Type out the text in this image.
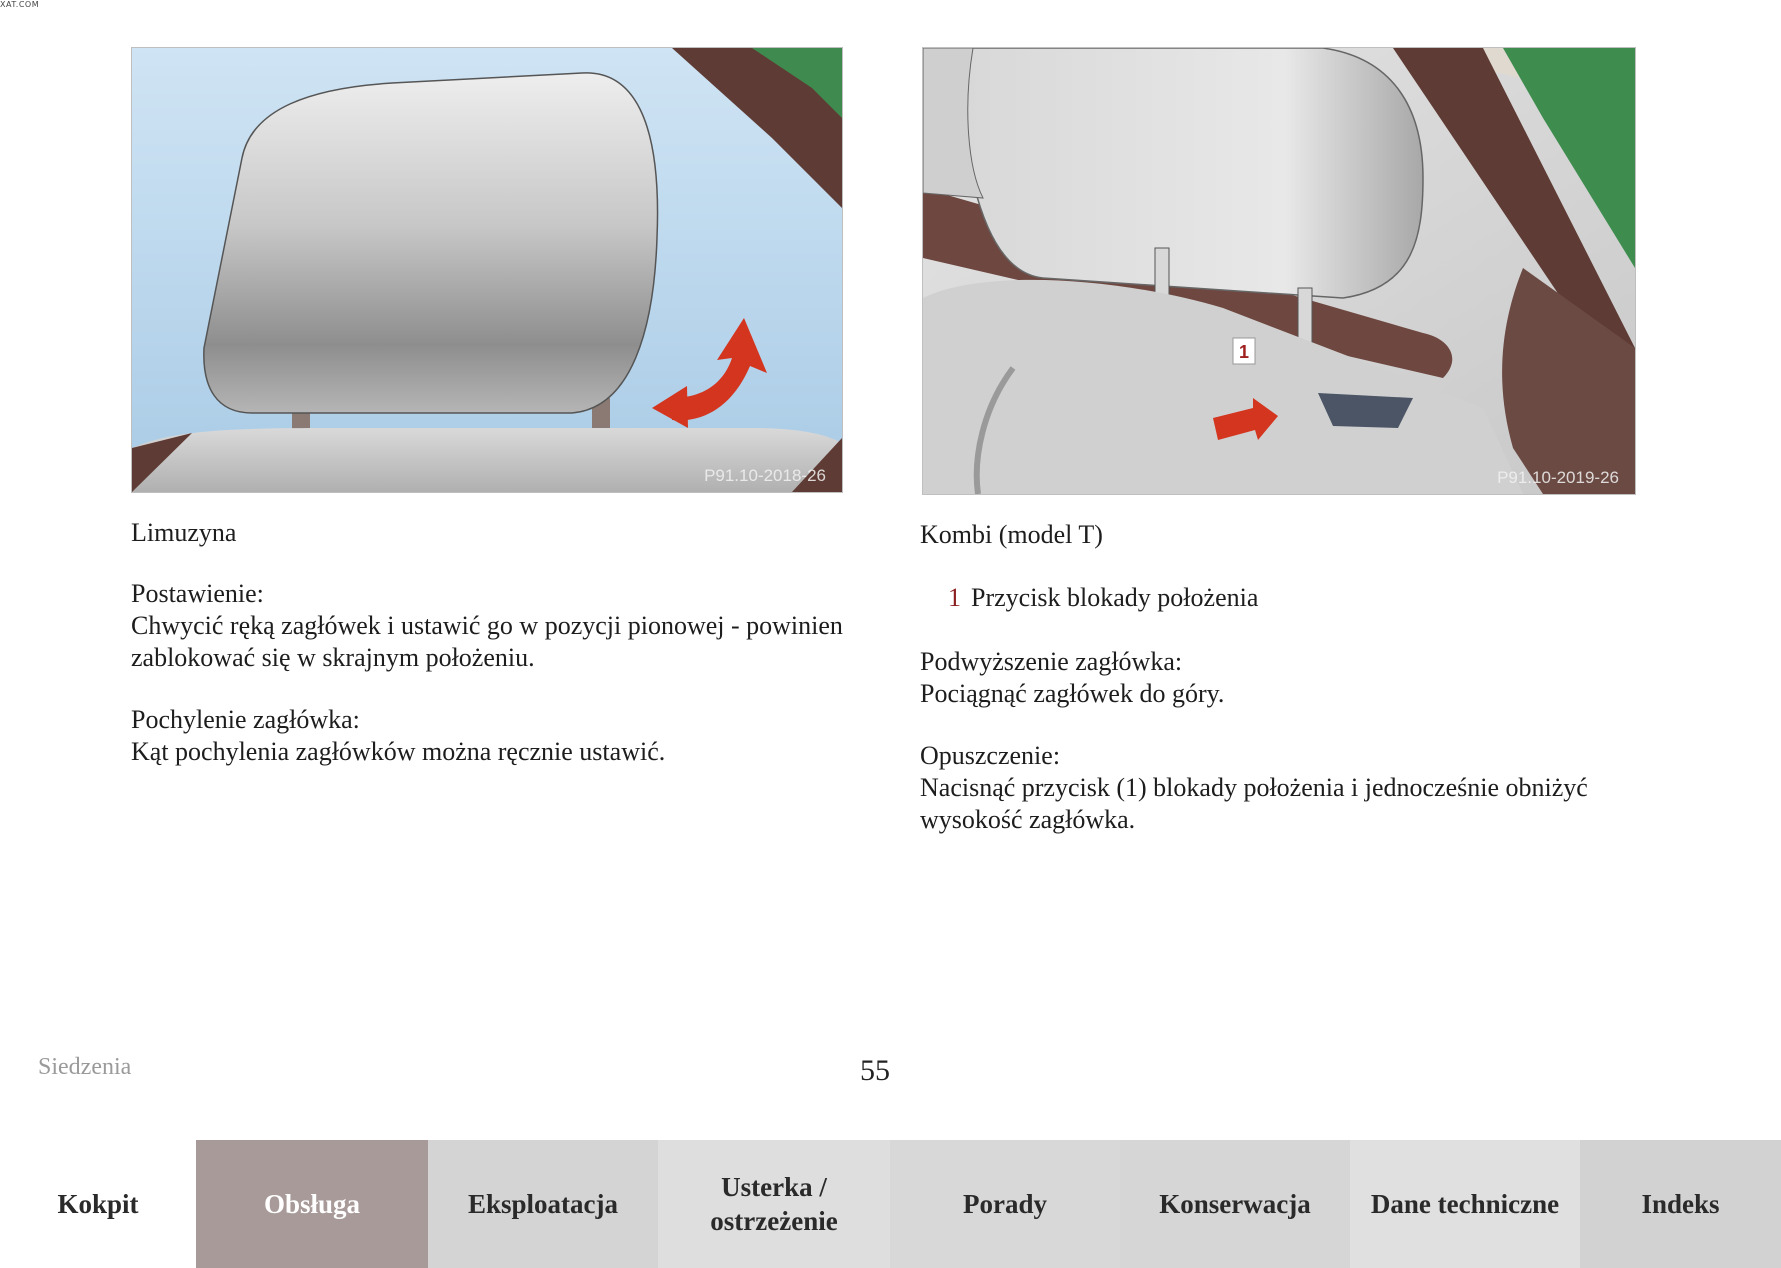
XAT.COM
P91.10-2018-26
1
P91.10-2019-26
Limuzyna	Kombi (model T)

Postawienie:

Chwycić ręką zagłówek i ustawić go w pozycji pionowej - powinien zablokować się w skrajnym położeniu.

Pochylenie zagłówka:

Kąt pochylenia zagłówków można ręcznie ustawić.

1 Przycisk blokady położenia

Podwyższenie zagłówka:

Pociągnąć zagłówek do góry.

Opuszczenie:

Nacisnąć przycisk (1) blokady położenia i jednocześnie obniżyć wysokość zagłówka.

Siedzenia	55
Kokpit	Obsługa	Eksploatacja
Usterka / ostrzeżenie
Porady	Konserwacja	Dane techniczne	Indeks
